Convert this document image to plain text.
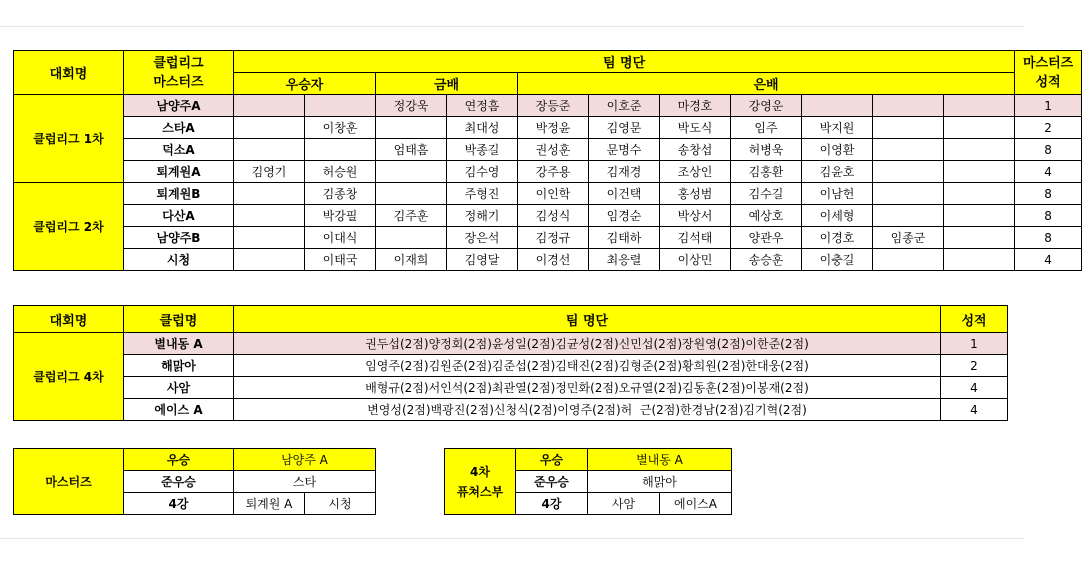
대회명	클럽리그
마스터즈	팀 명단											마스터즈
성적
		우승자		금배		은배							
클럽리그 1차	남양주A			정강욱	연정흠	장등준	이호준	마경호	강영운				1
	스타A		이창훈		최대성	박정윤	김영문	박도식	임주	박지원			2
	덕소A			엄태흠	박종길	권성훈	문명수	송창섭	허병욱	이영환			8
	퇴계원A	김영기	허승원		김수영	강주용	김재경	조상인	김홍환	김윤호			4
클럽리그 2차	퇴계원B		김종창		주형진	이인학	이건택	홍성범	김수길	이남헌			8
	다산A		박강필	김주훈	정해기	김성식	임경순	박상서	예상호	이세형			8
	남양주B		이대식		장은석	김정규	김태하	김석태	양관우	이경호	임종군		8
	시청		이태국	이재희	김영달	이경선	최응렬	이상민	송승훈	이충길			4
대회명	클럽명	팀 명단	성적
클럽리그 4차	별내동 A	권두섭(2점)양정회(2점)윤성일(2점)김균성(2점)신민섭(2점)장원영(2점)이한준(2점)	1
	해맑아	임영주(2점)김원준(2점)김준섭(2점)김태진(2점)김형준(2점)황희원(2점)한대웅(2점)	2
	사암	배형규(2점)서인석(2점)최관열(2점)정민화(2점)오규열(2점)김동훈(2점)이봉재(2점)	4
	에이스 A	변영성(2점)백광진(2점)신청식(2점)이영주(2점)허  근(2점)한경남(2점)김기혁(2점)	4
마스터즈	우승	남양주 A	
	준우승	스타	
	4강	퇴계원 A	시청
4차
퓨쳐스부	우승	별내동 A	
	준우승	해맑아	
	4강	사암	에이스A
